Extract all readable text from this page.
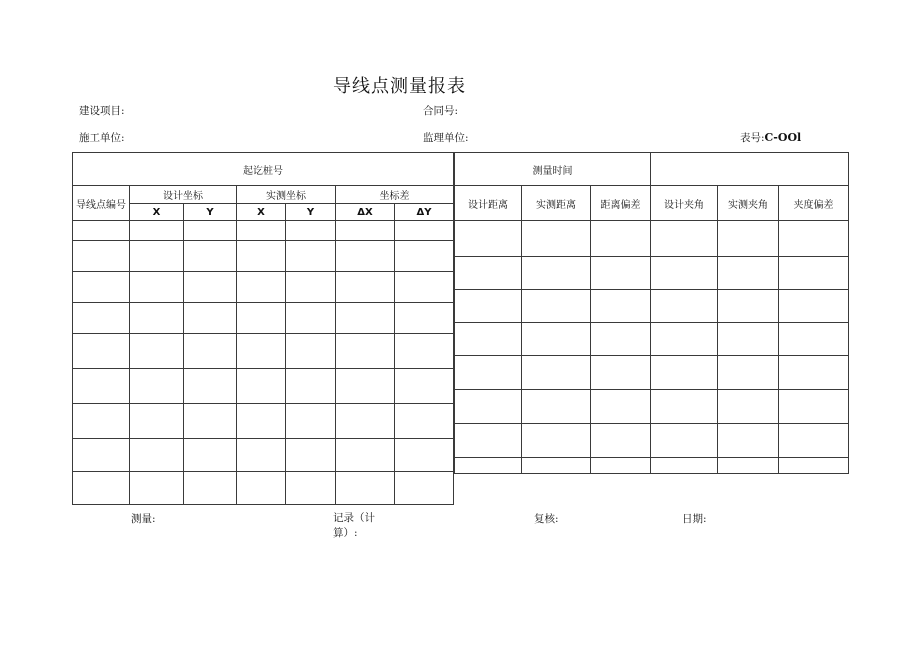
导线点测量报表
建设项目:	合同号:
施工单位:	监理单位:	表号:C-OOl
起讫桩号						
导线点编号	设计坐标		实测坐标		坐标差	
	X	Y	X	Y	ΔX	ΔY

测量时间					
设计距离	实测距离	距离偏差	设计夹角	实测夹角	夹度偏差

测量:	记录（计算）:
复核:	日期:
